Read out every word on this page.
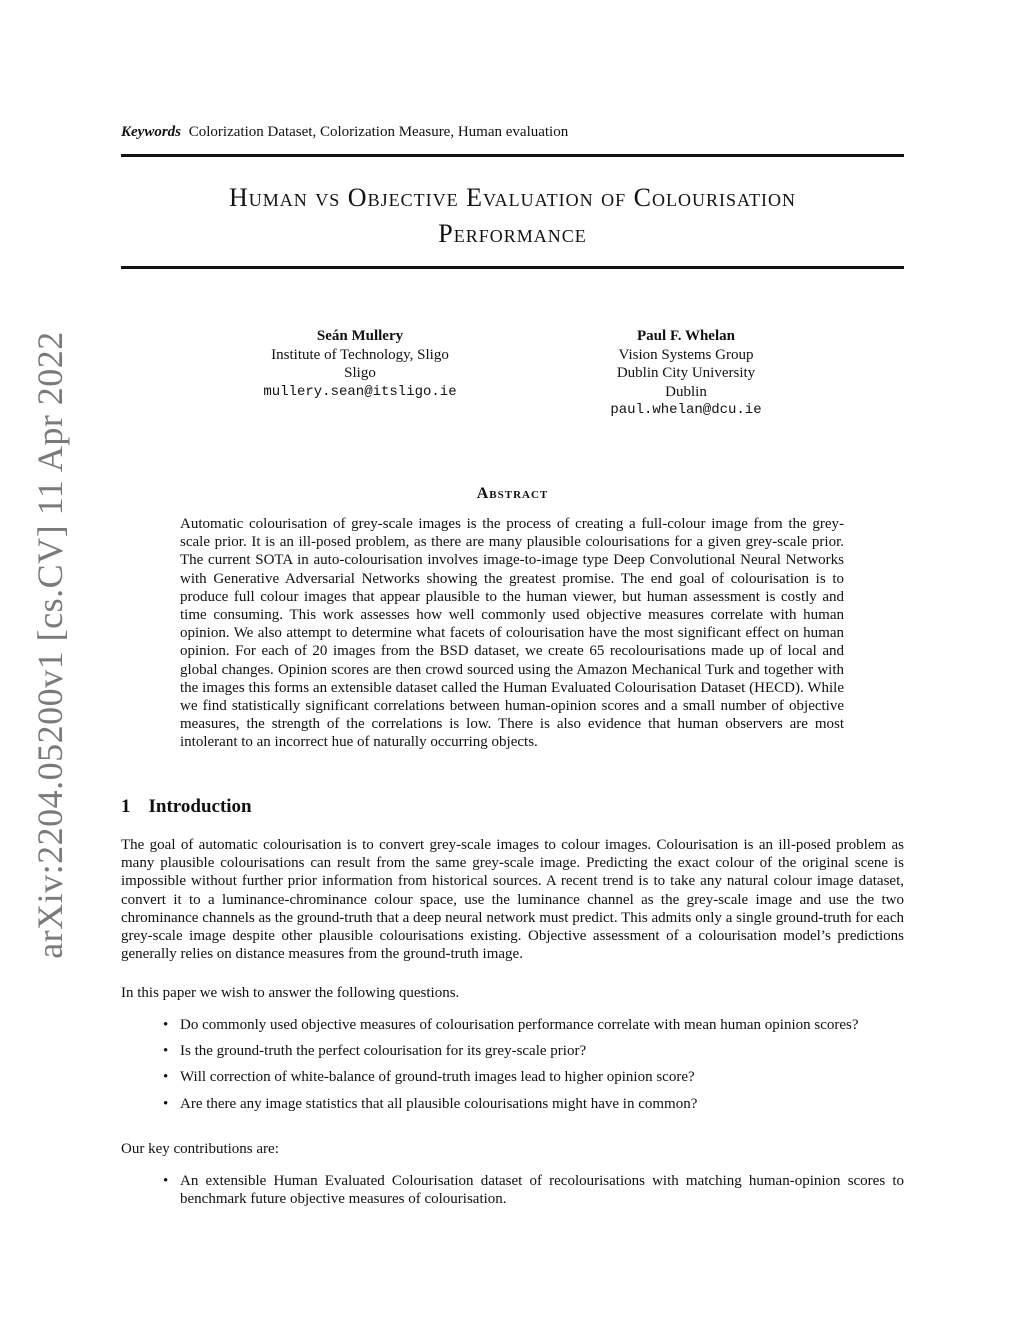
arXiv:2204.05200v1 [cs.CV] 11 Apr 2022
Keywords Colorization Dataset, Colorization Measure, Human evaluation
Human vs Objective Evaluation of Colourisation
Performance
Seán Mullery
Institute of Technology, Sligo
Sligo
mullery.sean@itsligo.ie
Paul F. Whelan
Vision Systems Group
Dublin City University
Dublin
paul.whelan@dcu.ie
Abstract

Automatic colourisation of grey-scale images is the process of creating a full-colour image from the grey-scale prior. It is an ill-posed problem, as there are many plausible colourisations for a given grey-scale prior. The current SOTA in auto-colourisation involves image-to-image type Deep Convolutional Neural Networks with Generative Adversarial Networks showing the greatest promise. The end goal of colourisation is to produce full colour images that appear plausible to the human viewer, but human assessment is costly and time consuming. This work assesses how well commonly used objective measures correlate with human opinion. We also attempt to determine what facets of colourisation have the most significant effect on human opinion. For each of 20 images from the BSD dataset, we create 65 recolourisations made up of local and global changes. Opinion scores are then crowd sourced using the Amazon Mechanical Turk and together with the images this forms an extensible dataset called the Human Evaluated Colourisation Dataset (HECD). While we find statistically significant correlations between human-opinion scores and a small number of objective measures, the strength of the correlations is low. There is also evidence that human observers are most intolerant to an incorrect hue of naturally occurring objects.

1 Introduction

The goal of automatic colourisation is to convert grey-scale images to colour images. Colourisation is an ill-posed problem as many plausible colourisations can result from the same grey-scale image. Predicting the exact colour of the original scene is impossible without further prior information from historical sources. A recent trend is to take any natural colour image dataset, convert it to a luminance-chrominance colour space, use the luminance channel as the grey-scale image and use the two chrominance channels as the ground-truth that a deep neural network must predict. This admits only a single ground-truth for each grey-scale image despite other plausible colourisations existing. Objective assessment of a colourisation model’s predictions generally relies on distance measures from the ground-truth image.

In this paper we wish to answer the following questions.

• Do commonly used objective measures of colourisation performance correlate with mean human opinion scores?
• Is the ground-truth the perfect colourisation for its grey-scale prior?
• Will correction of white-balance of ground-truth images lead to higher opinion score?
• Are there any image statistics that all plausible colourisations might have in common?

Our key contributions are:

• An extensible Human Evaluated Colourisation dataset of recolourisations with matching human-opinion scores to benchmark future objective measures of colourisation.
